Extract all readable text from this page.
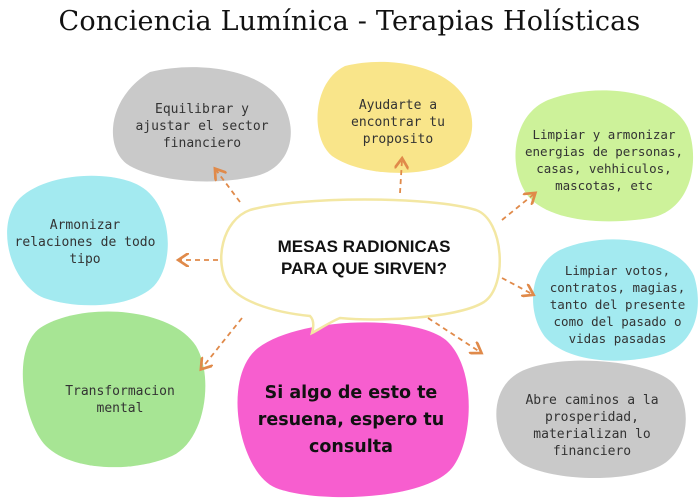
Conciencia Lumínica - Terapias Holísticas
MESAS RADIONICAS
PARA QUE SIRVEN?
Equilibrar y
ajustar el sector
financiero
Ayudarte a
encontrar tu
proposito	Limpiar y armonizar
energias de personas,
casas, vehhiculos,
mascotas, etc
Armonizar
relaciones de todo
tipo
Limpiar votos,
contratos, magias,
tanto del presente
como del pasado o
vidas pasadas
Transformacion
mental
Si algo de esto te
resuena, espero tu
consulta
Abre caminos a la
prosperidad,
materializan lo
financiero
